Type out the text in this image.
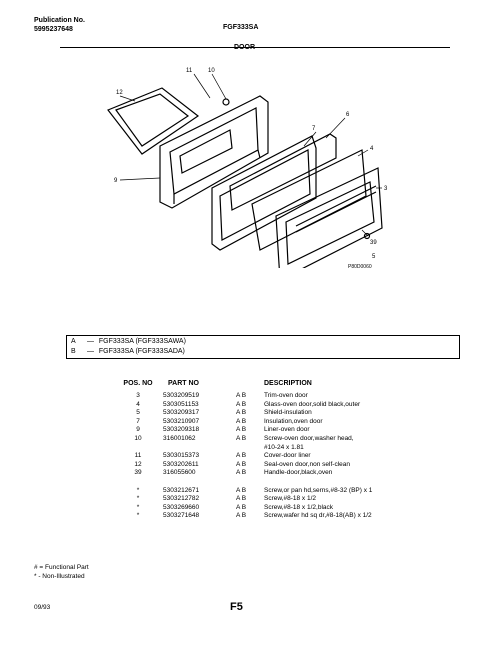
Publication No.
5995237648	FGF333SA
DOOR
12
11	10
7
6
4
3
9
39
5
P80D0060
A — FGF333SA (FGF333SAWA)
B — FGF333SA (FGF333SADA)
POS. NO	PART NO	DESCRIPTION
3	5303209519	A B	Trim-oven door
4	5303051153	A B	Glass-oven door,solid black,outer
5	5303209317	A B	Shield-insulation
7	5303210907	A B	Insulation,oven door
9	5303209318	A B	Liner-oven door
10	316001062	A B	Screw-oven door,washer head,
#10-24 x 1.81
11	5303015373	A B	Cover-door liner
12	5303202611	A B	Seal-oven door,non self-clean
39	316055600	A B	Handle-door,black,oven
*	5303212671	A B	Screw,or pan hd,serns,#8-32 (BP) x 1
*	5303212782	A B	Screw,#8-18 x 1/2
*	5303269660	A B	Screw,#8-18 x 1/2,black
*	5303271648	A B	Screw,wafer hd sq dr,#8-18(AB) x 1/2
# = Functional Part
* - Non-Illustrated
09/93	F5
